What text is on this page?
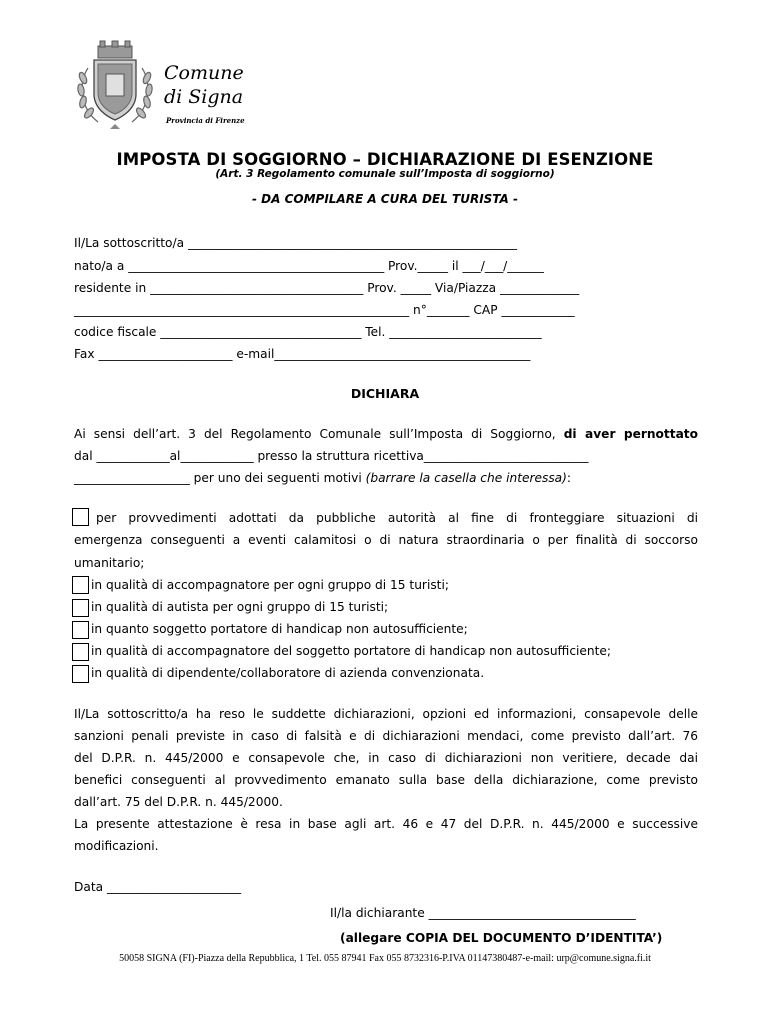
Comune
di Signa
Provincia di Firenze
IMPOSTA DI SOGGIORNO – DICHIARAZIONE DI ESENZIONE
(Art. 3 Regolamento comunale sull’Imposta di soggiorno)
- DA COMPILARE A CURA DEL TURISTA -
Il/La sottoscritto/a ______________________________________________________
nato/a a __________________________________________ Prov._____ il ___/___/______
residente in ___________________________________ Prov. _____ Via/Piazza _____________
_______________________________________________________ n°_______ CAP ____________
codice fiscale _________________________________ Tel. _________________________
Fax ______________________ e-mail__________________________________________
DICHIARA
Ai sensi dell’art. 3 del Regolamento Comunale sull’Imposta di Soggiorno, di aver pernottato
dal ____________al____________ presso la struttura ricettiva___________________________
___________________ per uno dei seguenti motivi (barrare la casella che interessa):
per provvedimenti adottati da pubbliche autorità al fine di fronteggiare situazioni di
emergenza conseguenti a eventi calamitosi o di natura straordinaria o per finalità di soccorso
umanitario;
in qualità di accompagnatore per ogni gruppo di 15 turisti;
in qualità di autista per ogni gruppo di 15 turisti;
in quanto soggetto portatore di handicap non autosufficiente;
in qualità di accompagnatore del soggetto portatore di handicap non autosufficiente;
in qualità di dipendente/collaboratore di azienda convenzionata.
Il/La sottoscritto/a ha reso le suddette dichiarazioni, opzioni ed informazioni, consapevole delle
sanzioni penali previste in caso di falsità e di dichiarazioni mendaci, come previsto dall’art. 76
del D.P.R. n. 445/2000 e consapevole che, in caso di dichiarazioni non veritiere, decade dai
benefici conseguenti al provvedimento emanato sulla base della dichiarazione, come previsto
dall’art. 75 del D.P.R. n. 445/2000.
La presente attestazione è resa in base agli art. 46 e 47 del D.P.R. n. 445/2000 e successive
modificazioni.
Data ______________________
Il/la dichiarante __________________________________
(allegare COPIA DEL DOCUMENTO D’IDENTITA’)
50058 SIGNA (FI)-Piazza della Repubblica, 1 Tel. 055 87941 Fax 055 8732316-P.IVA 01147380487-e-mail: urp@comune.signa.fi.it
